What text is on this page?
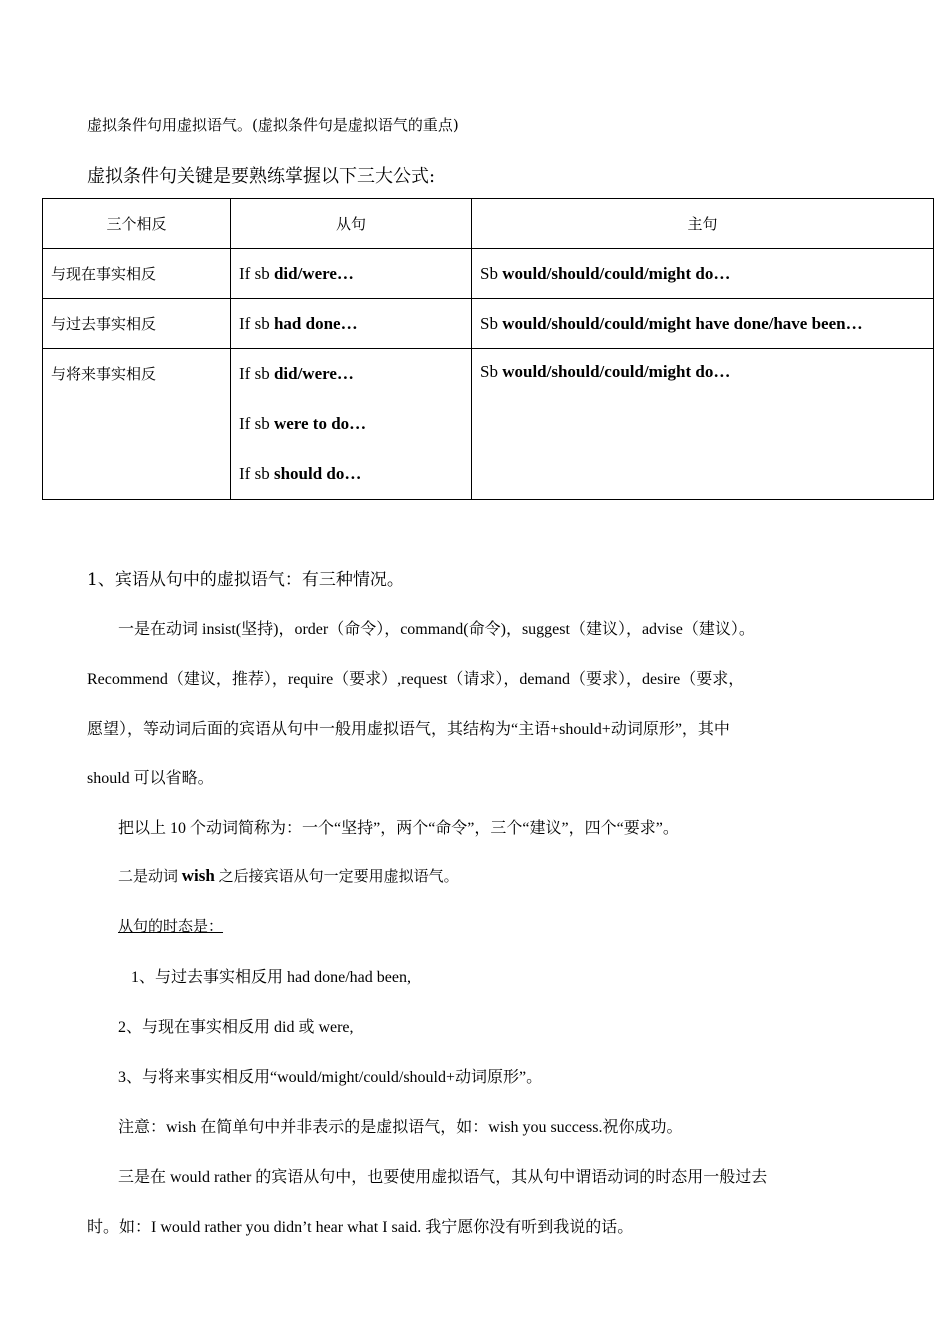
虚拟条件句用虚拟语气。(虚拟条件句是虚拟语气的重点)
虚拟条件句关键是要熟练掌握以下三大公式:
三个相反	从句	主句
与现在事实相反	If sb did/were…	Sb would/should/could/might do…
与过去事实相反	If sb had done…	Sb would/should/could/might have done/have been…
与将来事实相反	If sb did/were…
If sb were to do…
If sb should do…	Sb would/should/could/might do…
1、宾语从句中的虚拟语气：有三种情况。
一是在动词 insist(坚持)，order（命令），command(命令)，suggest（建议），advise（建议）。
Recommend（建议，推荐），require（要求）,request（请求），demand（要求），desire（要求，
愿望），等动词后面的宾语从句中一般用虚拟语气，其结构为“主语+should+动词原形”，其中
should 可以省略。
把以上 10 个动词简称为：一个“坚持”，两个“命令”，三个“建议”，四个“要求”。
二是动词 wish 之后接宾语从句一定要用虚拟语气。
从句的时态是：
1、与过去事实相反用 had done/had been,
2、与现在事实相反用 did 或 were,
3、与将来事实相反用“would/might/could/should+动词原形”。
注意：wish 在简单句中并非表示的是虚拟语气，如：wish you success.祝你成功。
三是在 would rather 的宾语从句中，也要使用虚拟语气，其从句中谓语动词的时态用一般过去
时。如：I would rather you didn’t hear what I said. 我宁愿你没有听到我说的话。
